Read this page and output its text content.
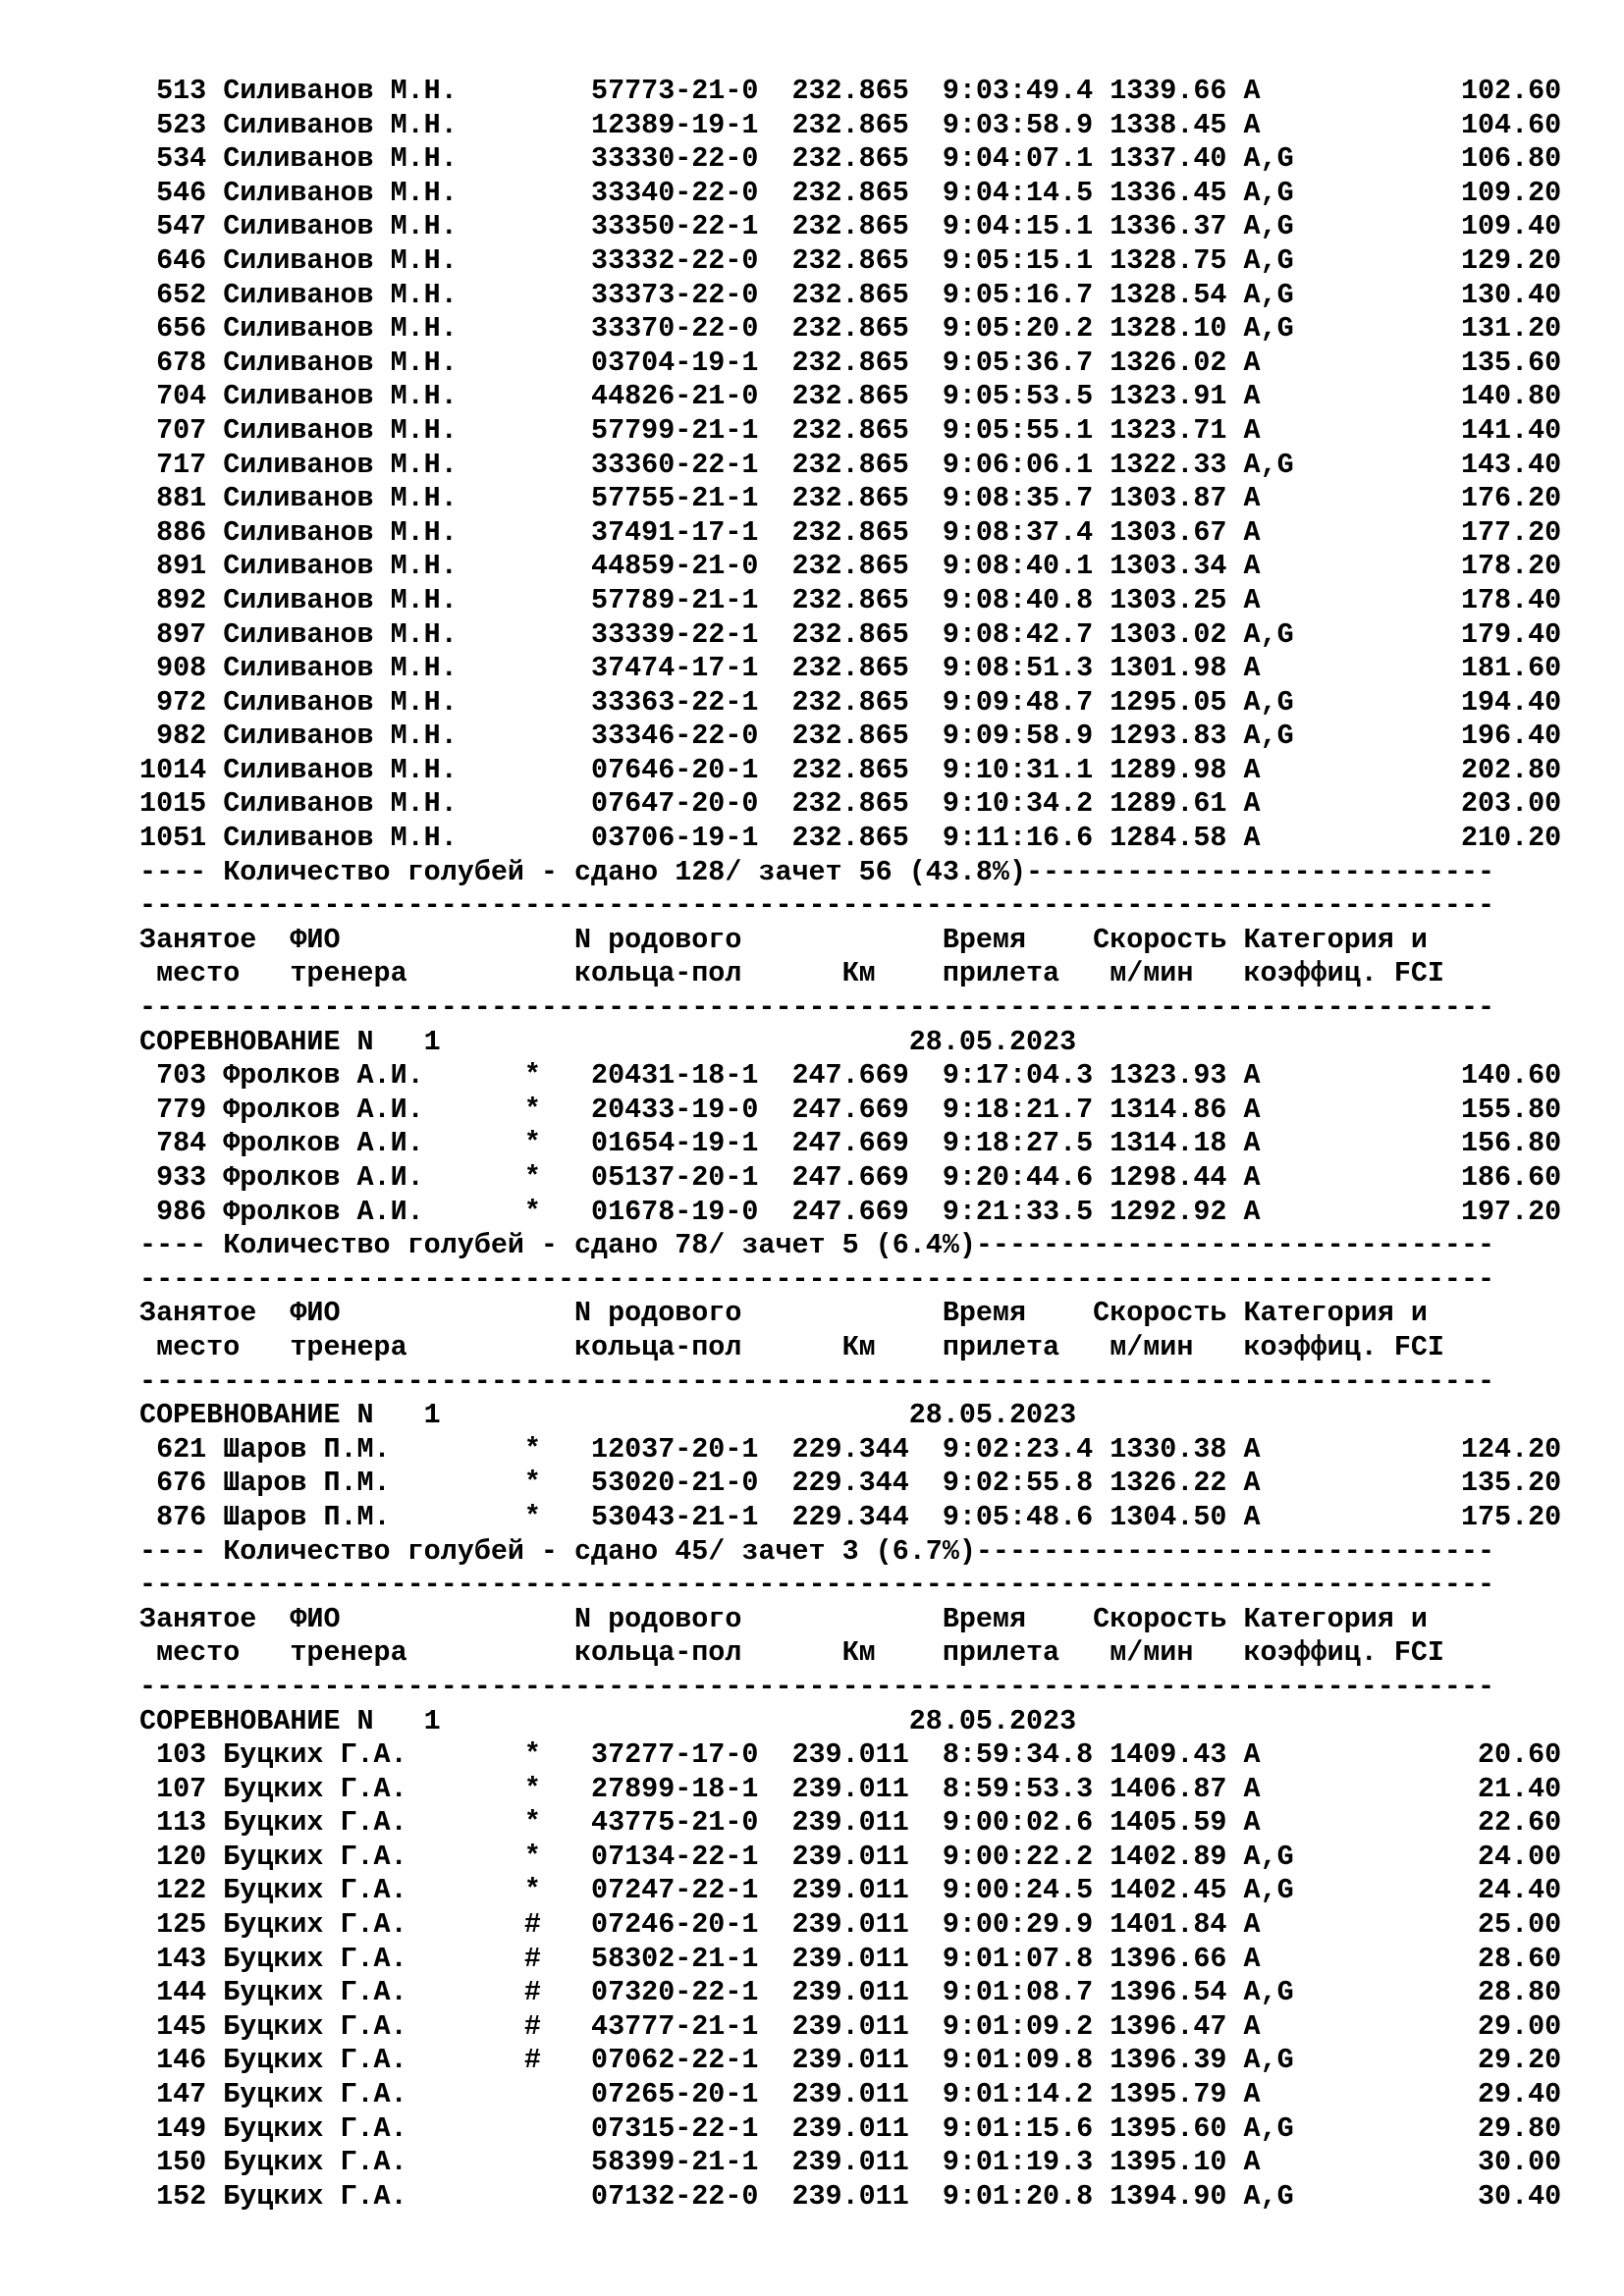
513 Силиванов М.Н.        57773-21-0  232.865  9:03:49.4 1339.66 A            102.60
523 Силиванов М.Н.        12389-19-1  232.865  9:03:58.9 1338.45 A            104.60
534 Силиванов М.Н.        33330-22-0  232.865  9:04:07.1 1337.40 A,G          106.80
546 Силиванов М.Н.        33340-22-0  232.865  9:04:14.5 1336.45 A,G          109.20
547 Силиванов М.Н.        33350-22-1  232.865  9:04:15.1 1336.37 A,G          109.40
646 Силиванов М.Н.        33332-22-0  232.865  9:05:15.1 1328.75 A,G          129.20
652 Силиванов М.Н.        33373-22-0  232.865  9:05:16.7 1328.54 A,G          130.40
656 Силиванов М.Н.        33370-22-0  232.865  9:05:20.2 1328.10 A,G          131.20
678 Силиванов М.Н.        03704-19-1  232.865  9:05:36.7 1326.02 A            135.60
704 Силиванов М.Н.        44826-21-0  232.865  9:05:53.5 1323.91 A            140.80
707 Силиванов М.Н.        57799-21-1  232.865  9:05:55.1 1323.71 A            141.40
717 Силиванов М.Н.        33360-22-1  232.865  9:06:06.1 1322.33 A,G          143.40
881 Силиванов М.Н.        57755-21-1  232.865  9:08:35.7 1303.87 A            176.20
886 Силиванов М.Н.        37491-17-1  232.865  9:08:37.4 1303.67 A            177.20
891 Силиванов М.Н.        44859-21-0  232.865  9:08:40.1 1303.34 A            178.20
892 Силиванов М.Н.        57789-21-1  232.865  9:08:40.8 1303.25 A            178.40
897 Силиванов М.Н.        33339-22-1  232.865  9:08:42.7 1303.02 A,G          179.40
908 Силиванов М.Н.        37474-17-1  232.865  9:08:51.3 1301.98 A            181.60
972 Силиванов М.Н.        33363-22-1  232.865  9:09:48.7 1295.05 A,G          194.40
982 Силиванов М.Н.        33346-22-0  232.865  9:09:58.9 1293.83 A,G          196.40
1014 Силиванов М.Н.        07646-20-1  232.865  9:10:31.1 1289.98 A            202.80
1015 Силиванов М.Н.        07647-20-0  232.865  9:10:34.2 1289.61 A            203.00
1051 Силиванов М.Н.        03706-19-1  232.865  9:11:16.6 1284.58 A            210.20
---- Количество голубей - сдано 128/ зачет 56 (43.8%)----------------------------
---------------------------------------------------------------------------------
Занятое  ФИО              N родового            Время    Скорость Категория и
место   тренера          кольца-пол      Км    прилета   м/мин   коэффиц. FCI
---------------------------------------------------------------------------------
СОРЕВНОВАНИЕ N   1                            28.05.2023
703 Фролков А.И.      *   20431-18-1  247.669  9:17:04.3 1323.93 A            140.60
779 Фролков А.И.      *   20433-19-0  247.669  9:18:21.7 1314.86 A            155.80
784 Фролков А.И.      *   01654-19-1  247.669  9:18:27.5 1314.18 A            156.80
933 Фролков А.И.      *   05137-20-1  247.669  9:20:44.6 1298.44 A            186.60
986 Фролков А.И.      *   01678-19-0  247.669  9:21:33.5 1292.92 A            197.20
---- Количество голубей - сдано 78/ зачет 5 (6.4%)-------------------------------
---------------------------------------------------------------------------------
Занятое  ФИО              N родового            Время    Скорость Категория и
место   тренера          кольца-пол      Км    прилета   м/мин   коэффиц. FCI
---------------------------------------------------------------------------------
СОРЕВНОВАНИЕ N   1                            28.05.2023
621 Шаров П.М.        *   12037-20-1  229.344  9:02:23.4 1330.38 A            124.20
676 Шаров П.М.        *   53020-21-0  229.344  9:02:55.8 1326.22 A            135.20
876 Шаров П.М.        *   53043-21-1  229.344  9:05:48.6 1304.50 A            175.20
---- Количество голубей - сдано 45/ зачет 3 (6.7%)-------------------------------
---------------------------------------------------------------------------------
Занятое  ФИО              N родового            Время    Скорость Категория и
место   тренера          кольца-пол      Км    прилета   м/мин   коэффиц. FCI
---------------------------------------------------------------------------------
СОРЕВНОВАНИЕ N   1                            28.05.2023
103 Буцких Г.А.       *   37277-17-0  239.011  8:59:34.8 1409.43 A             20.60
107 Буцких Г.А.       *   27899-18-1  239.011  8:59:53.3 1406.87 A             21.40
113 Буцких Г.А.       *   43775-21-0  239.011  9:00:02.6 1405.59 A             22.60
120 Буцких Г.А.       *   07134-22-1  239.011  9:00:22.2 1402.89 A,G           24.00
122 Буцких Г.А.       *   07247-22-1  239.011  9:00:24.5 1402.45 A,G           24.40
125 Буцких Г.А.       #   07246-20-1  239.011  9:00:29.9 1401.84 A             25.00
143 Буцких Г.А.       #   58302-21-1  239.011  9:01:07.8 1396.66 A             28.60
144 Буцких Г.А.       #   07320-22-1  239.011  9:01:08.7 1396.54 A,G           28.80
145 Буцких Г.А.       #   43777-21-1  239.011  9:01:09.2 1396.47 A             29.00
146 Буцких Г.А.       #   07062-22-1  239.011  9:01:09.8 1396.39 A,G           29.20
147 Буцких Г.А.           07265-20-1  239.011  9:01:14.2 1395.79 A             29.40
149 Буцких Г.А.           07315-22-1  239.011  9:01:15.6 1395.60 A,G           29.80
150 Буцких Г.А.           58399-21-1  239.011  9:01:19.3 1395.10 A             30.00
152 Буцких Г.А.           07132-22-0  239.011  9:01:20.8 1394.90 A,G           30.40
